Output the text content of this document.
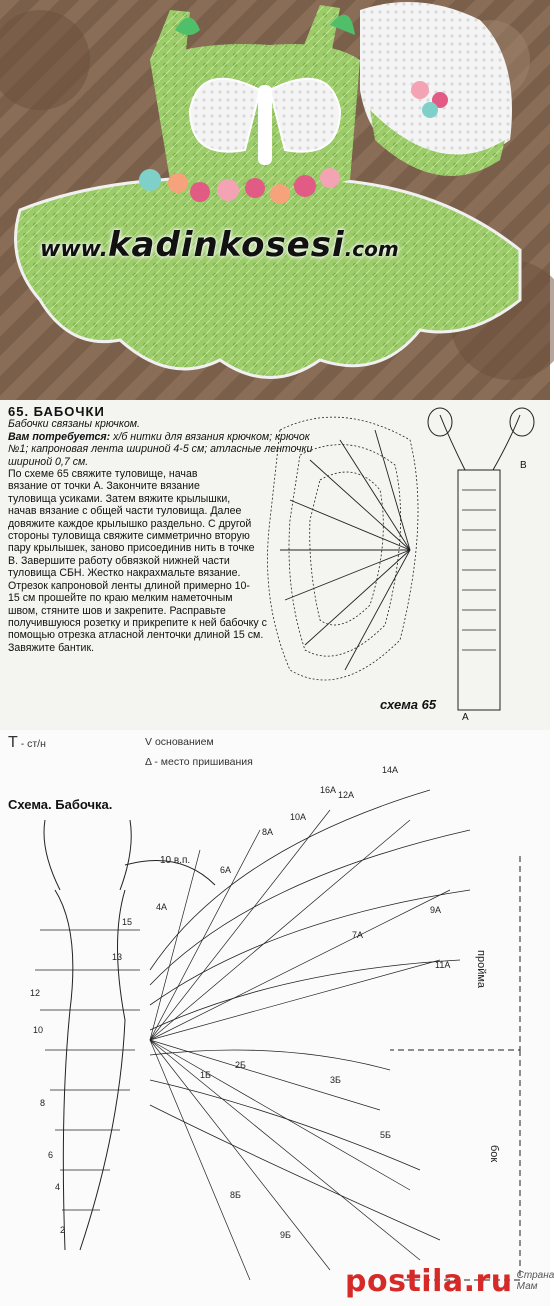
www.kadinkosesi.com
65. БАБОЧКИ
Бабочки связаны крючком.
Вам потребуется: х/б нитки для вязания крючком; крючок №1; капроновая лента шириной 4-5 см; атласные ленточки шириной 0,7 см.

По схеме 65 свяжите туловище, начав

вязание от точки А. Закончите вязание

туловища усиками. Затем вяжите крылышки,

начав вязание с общей части туловища. Далее

довяжите каждое крылышко раздельно. С другой

стороны туловища свяжите симметрично вторую

пару крылышек, заново присоединив нить в точке

В. Завершите работу обвязкой нижней части

туловища СБН. Жестко накрахмальте вязание.

Отрезок капроновой ленты длиной примерно 10-

15 см прошейте по краю мелким наметочным

швом, стяните шов и закрепите. Расправьте

получившуюся розетку и прикрепите к ней бабочку с

помощью отрезка атласной ленточки длиной 15 см.

Завяжите бантик.

В
А
схема 65
T - ст/н	V основанием
Δ - место пришивания
Схема. Бабочка.
10 в.п.
пройма
бок
15
13
12
10
8
6
4
2
4A
6A
8A
10A
12A
14A
16A
7A
9A
11A
1Б
2Б
3Б
5Б
8Б
9Б
postila.ru Страна Мам
